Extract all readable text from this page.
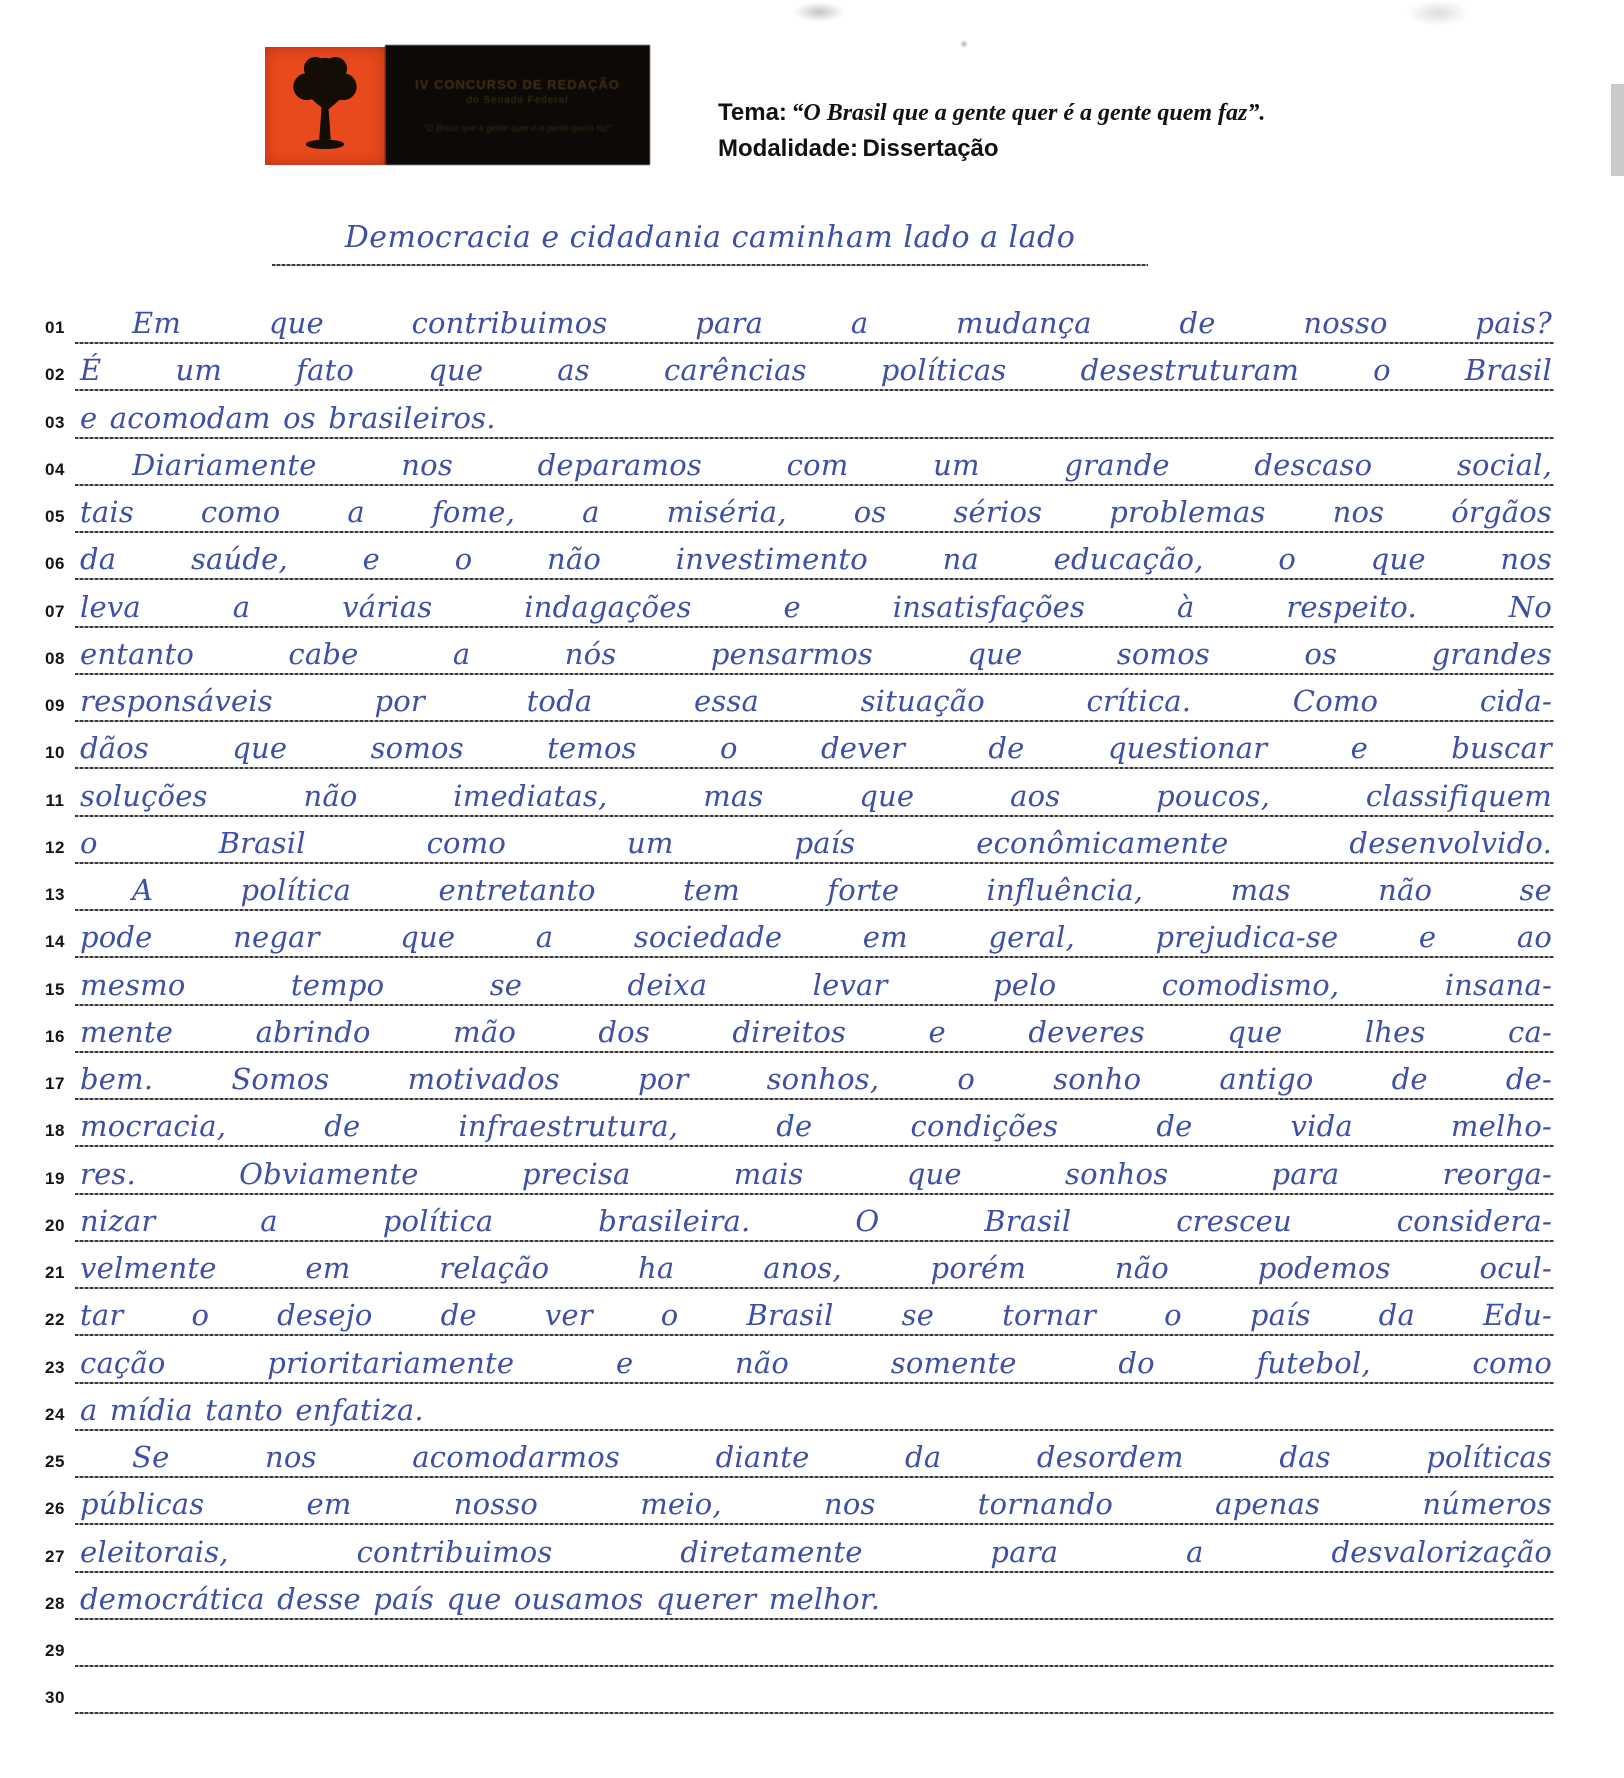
IV CONCURSO DE REDAÇÃO
do Senado Federal
“O Brasil que a gente quer é a gente quem faz”
Tema: “O Brasil que a gente quer é a gente quem faz”.
Modalidade: Dissertação
Democracia e cidadania caminham lado a lado
01	Em que contribuimos para a mudança de nosso pais?
02 É um fato que as carências políticas desestruturam o Brasil
03 e acomodam os brasileiros.
04	Diariamente nos deparamos com um grande descaso social,
05 tais como a fome, a miséria, os sérios problemas nos órgãos
06 da saúde, e o não investimento na educação, o que nos
07 leva a várias indagações e insatisfações à respeito. No
08 entanto cabe a nós pensarmos que somos os grandes
09 responsáveis por toda essa situação crítica. Como cida-
10 dãos que somos temos o dever de questionar e buscar
11 soluções não imediatas, mas que aos poucos, classifiquem
12 o Brasil como um país econômicamente desenvolvido.
13	A política entretanto tem forte influência, mas não se
14 pode negar que a sociedade em geral, prejudica-se e ao
15 mesmo tempo se deixa levar pelo comodismo, insana-
16 mente abrindo mão dos direitos e deveres que lhes ca-
17 bem. Somos motivados por sonhos, o sonho antigo de de-
18 mocracia, de infraestrutura, de condições de vida melho-
19 res. Obviamente precisa mais que sonhos para reorga-
20 nizar a política brasileira. O Brasil cresceu considera-
21 velmente em relação ha anos, porém não podemos ocul-
22 tar o desejo de ver o Brasil se tornar o país da Edu-
23 cação prioritariamente e não somente do futebol, como
24 a mídia tanto enfatiza.
25	Se nos acomodarmos diante da desordem das políticas
26 públicas em nosso meio, nos tornando apenas números
27 eleitorais, contribuimos diretamente para a desvalorização
28 democrática desse país que ousamos querer melhor.
29
30
